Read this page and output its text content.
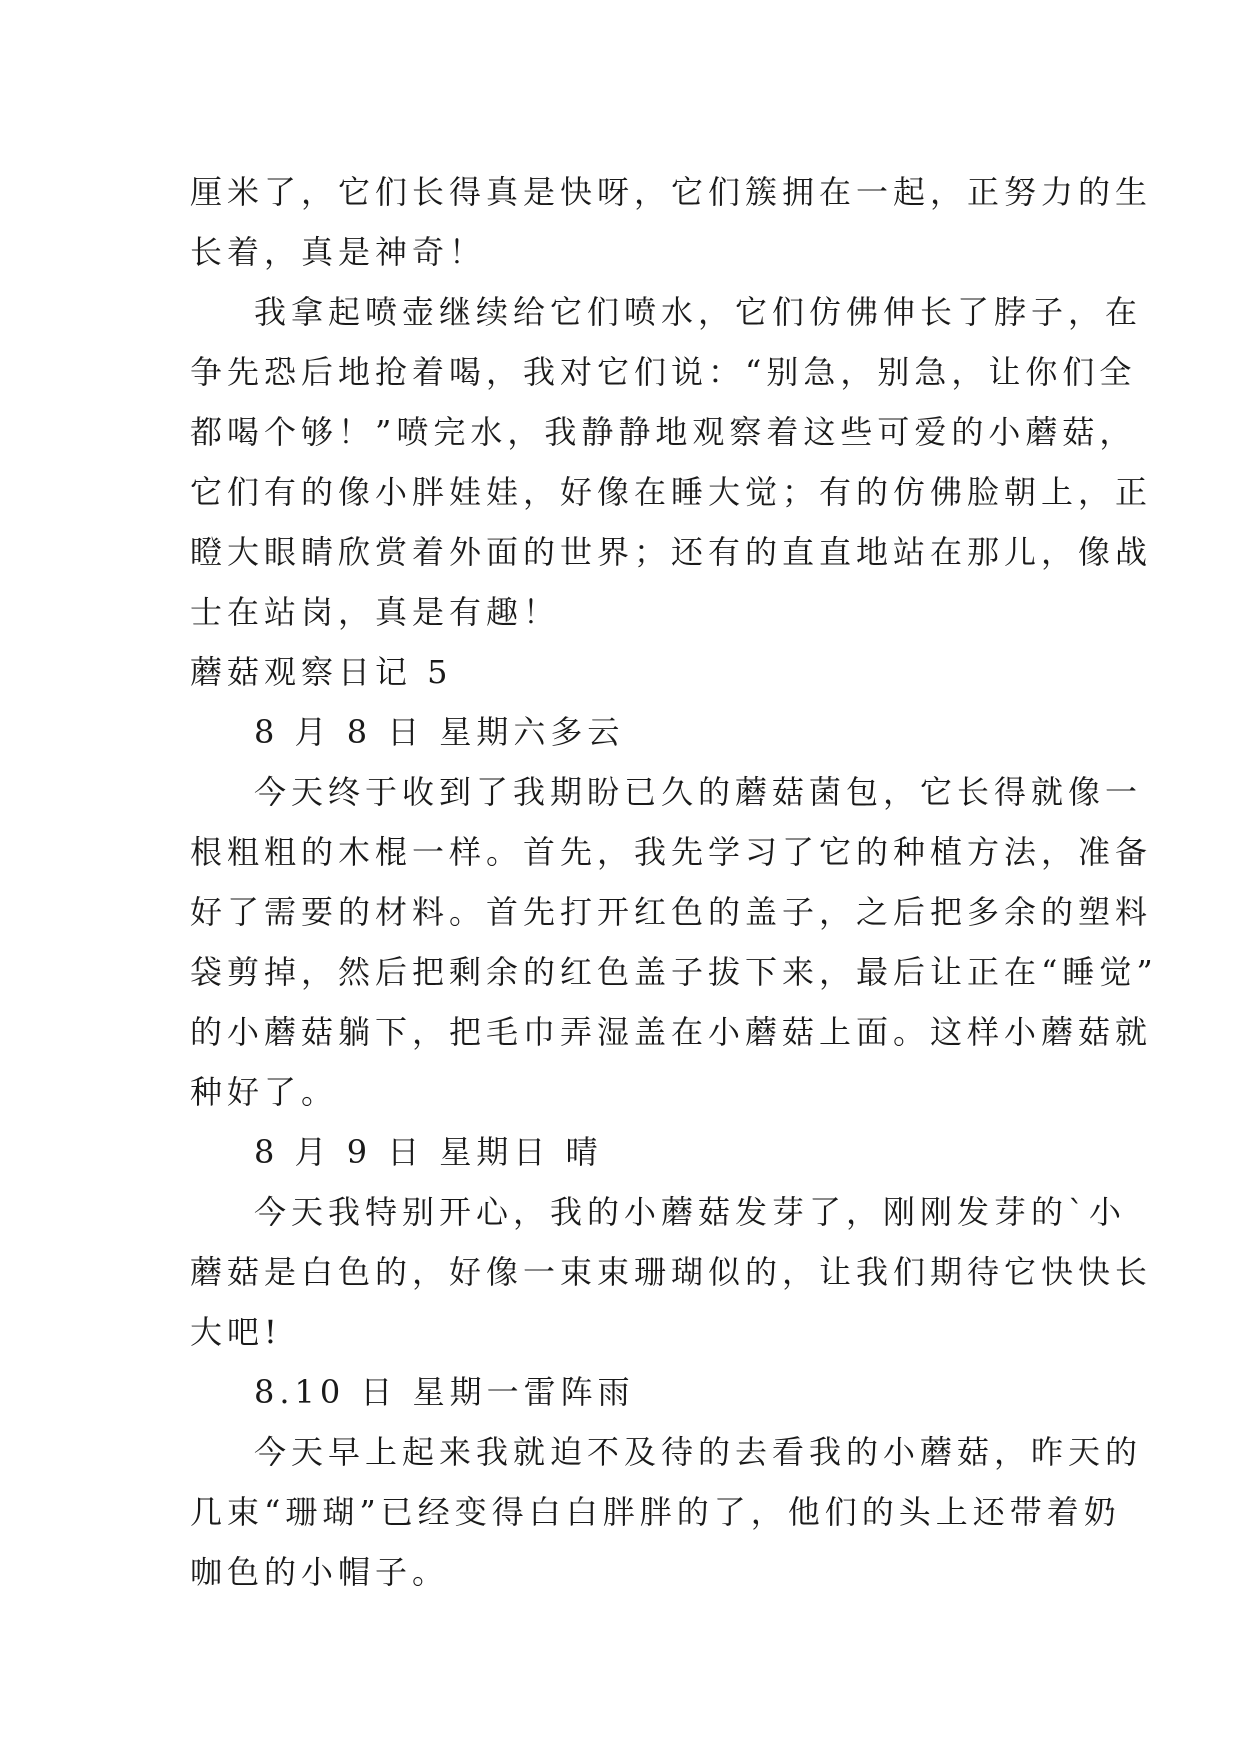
厘米了，它们长得真是快呀，它们簇拥在一起，正努力的生
长着，真是神奇！
我拿起喷壶继续给它们喷水，它们仿佛伸长了脖子，在
争先恐后地抢着喝，我对它们说：“别急，别急，让你们全
都喝个够！”喷完水，我静静地观察着这些可爱的小蘑菇，
它们有的像小胖娃娃，好像在睡大觉；有的仿佛脸朝上，正
瞪大眼睛欣赏着外面的世界；还有的直直地站在那儿，像战
士在站岗，真是有趣！
蘑菇观察日记 5
8 月 8 日 星期六多云
今天终于收到了我期盼已久的蘑菇菌包，它长得就像一
根粗粗的木棍一样。首先，我先学习了它的种植方法，准备
好了需要的材料。首先打开红色的盖子，之后把多余的塑料
袋剪掉，然后把剩余的红色盖子拔下来，最后让正在“睡觉”
的小蘑菇躺下，把毛巾弄湿盖在小蘑菇上面。这样小蘑菇就
种好了。
8 月 9 日 星期日 晴
今天我特别开心，我的小蘑菇发芽了，刚刚发芽的`小
蘑菇是白色的，好像一束束珊瑚似的，让我们期待它快快长
大吧!
8.10 日 星期一雷阵雨
今天早上起来我就迫不及待的去看我的小蘑菇，昨天的
几束“珊瑚”已经变得白白胖胖的了，他们的头上还带着奶
咖色的小帽子。
